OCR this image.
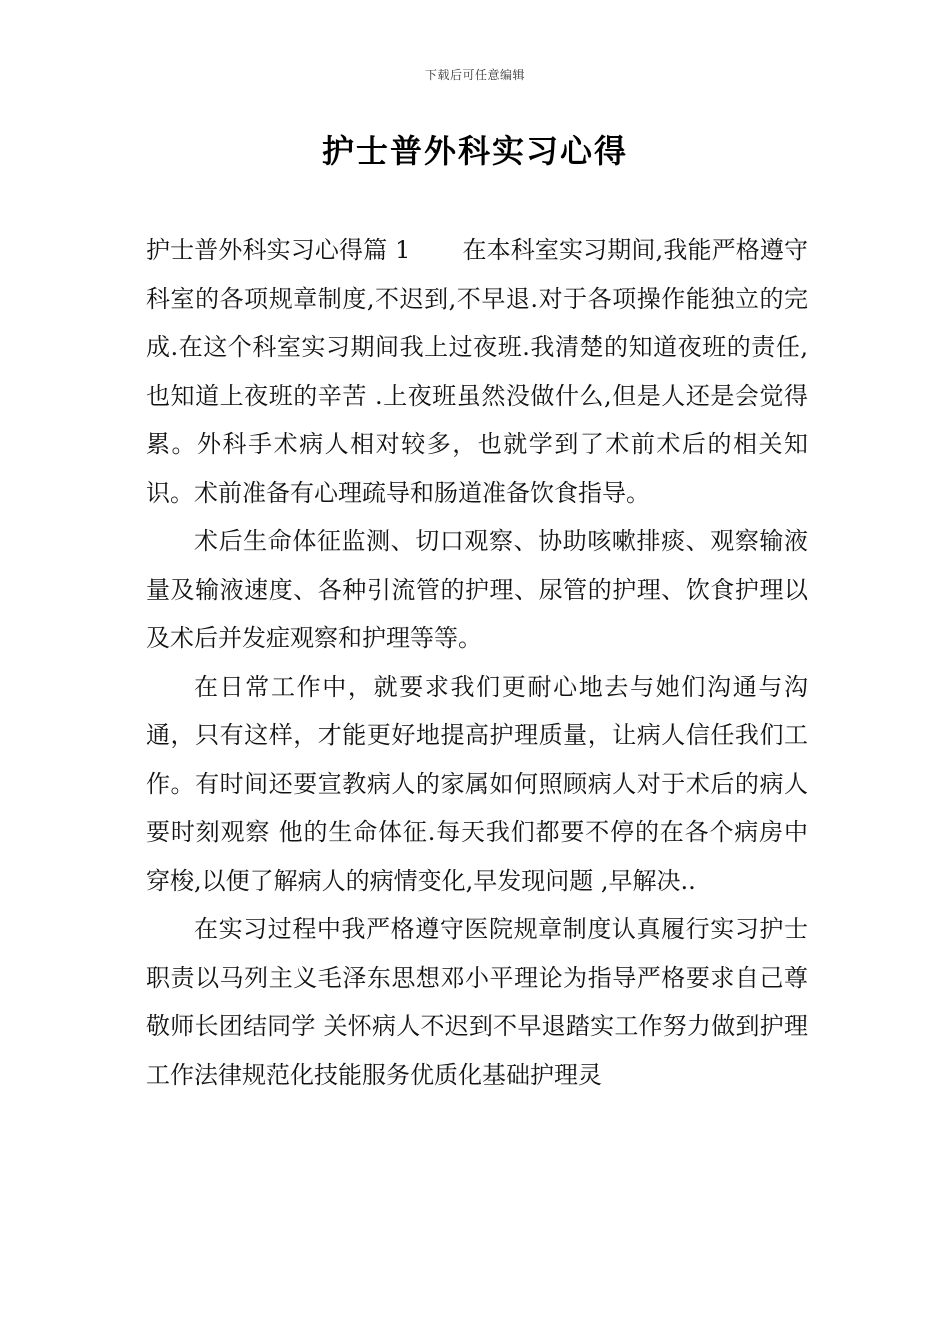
下载后可任意编辑
护士普外科实习心得

护士普外科实习心得篇 1 在本科室实习期间,我能严格遵守科室的各项规章制度,不迟到,不早退.对于各项操作能独立的完成.在这个科室实习期间我上过夜班.我清楚的知道夜班的责任,也知道上夜班的辛苦 .上夜班虽然没做什么,但是人还是会觉得累。外科手术病人相对较多，也就学到了术前术后的相关知识。术前准备有心理疏导和肠道准备饮食指导。

术后生命体征监测、切口观察、协助咳嗽排痰、观察输液量及输液速度、各种引流管的护理、尿管的护理、饮食护理以及术后并发症观察和护理等等。

在日常工作中，就要求我们更耐心地去与她们沟通与沟通，只有这样，才能更好地提高护理质量，让病人信任我们工作。有时间还要宣教病人的家属如何照顾病人对于术后的病人要时刻观察 他的生命体征.每天我们都要不停的在各个病房中穿梭,以便了解病人的病情变化,早发现问题 ,早解决..

在实习过程中我严格遵守医院规章制度认真履行实习护士职责以马列主义毛泽东思想邓小平理论为指导严格要求自己尊敬师长团结同学 关怀病人不迟到不早退踏实工作努力做到护理工作法律规范化技能服务优质化基础护理灵
